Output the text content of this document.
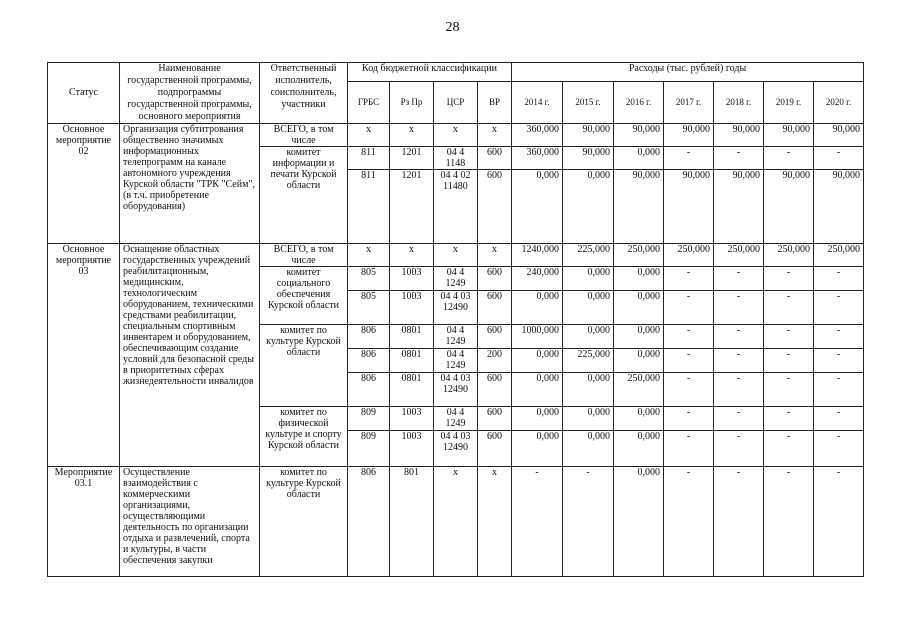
28
Статус	Наименование государственной программы, подпрограммы государственной программы, основного мероприятия	Ответственный исполнитель, соисполнитель, участники	Код бюджетной классификации				Расходы (тыс. рублей) годы						
			ГРБС	Рз Пр	ЦСР	ВР	2014 г.	2015 г.	2016 г.	2017 г.	2018 г.	2019 г.	2020 г.
Основное мероприятие 02	Организация субтитрования общественно значимых информационных телепрограмм на канале автономного учреждения Курской области "ТРК "Сейм", (в т.ч. приобретение оборудования)	ВСЕГО, в том числе	x	x	x	x	360,000	90,000	90,000	90,000	90,000	90,000	90,000
		комитет информации и печати Курской области	811	1201	04 4 1148	600	360,000	90,000	0,000	-	-	-	-
			811	1201	04 4 02 11480	600	0,000	0,000	90,000	90,000	90,000	90,000	90,000
Основное мероприятие 03	Оснащение областных государственных учреждений реабилитационным, медицинским, технологическим оборудованием, техническими средствами реабилитации, специальным спортивным инвентарем и оборудованием, обеспечивающим создание условий для безопасной среды в приоритетных сферах жизнедеятельности инвалидов	ВСЕГО, в том числе	x	x	x	x	1240,000	225,000	250,000	250,000	250,000	250,000	250,000
		комитет социального обеспечения Курской области	805	1003	04 4 1249	600	240,000	0,000	0,000	-	-	-	-
			805	1003	04 4 03 12490	600	0,000	0,000	0,000	-	-	-	-
		комитет по культуре Курской области	806	0801	04 4 1249	600	1000,000	0,000	0,000	-	-	-	-
			806	0801	04 4 1249	200	0,000	225,000	0,000	-	-	-	-
			806	0801	04 4 03 12490	600	0,000	0,000	250,000	-	-	-	-
		комитет по физической культуре и спорту Курской области	809	1003	04 4 1249	600	0,000	0,000	0,000	-	-	-	-
			809	1003	04 4 03 12490	600	0,000	0,000	0,000	-	-	-	-
Мероприятие 03.1	Осуществление взаимодействия с коммерческими организациями, осуществляющими деятельность по организации отдыха и развлечений, спорта и культуры, в части обеспечения закупки	комитет по культуре Курской области	806	801	x	x	-	-	0,000	-	-	-	-
